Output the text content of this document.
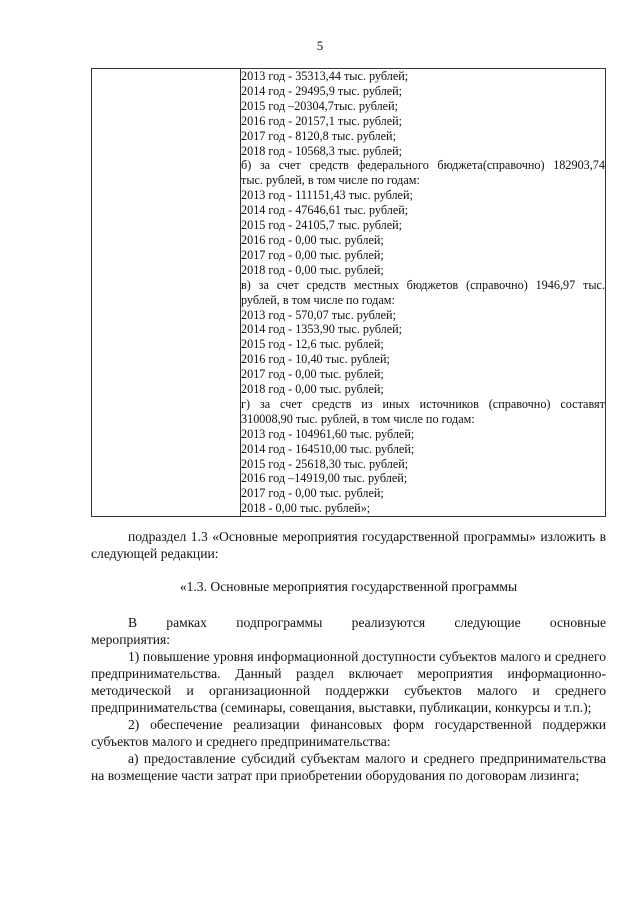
5

2013 год - 35313,44 тыс. рублей;
2014 год - 29495,9 тыс. рублей;
2015 год –20304,7тыс. рублей;
2016 год - 20157,1 тыс. рублей;
2017 год - 8120,8 тыс. рублей;
2018 год - 10568,3 тыс. рублей;
б) за счет средств федерального бюджета(справочно) 182903,74
тыс. рублей, в том числе по годам:
2013 год - 111151,43 тыс. рублей;
2014 год - 47646,61 тыс. рублей;
2015 год - 24105,7 тыс. рублей;
2016 год - 0,00 тыс. рублей;
2017 год - 0,00 тыс. рублей;
2018 год - 0,00 тыс. рублей;
в) за счет средств местных бюджетов (справочно) 1946,97 тыс.
рублей, в том числе по годам:
2013 год - 570,07 тыс. рублей;
2014 год - 1353,90 тыс. рублей;
2015 год - 12,6 тыс. рублей;
2016 год - 10,40 тыс. рублей;
2017 год - 0,00 тыс. рублей;
2018 год - 0,00 тыс. рублей;
г) за счет средств из иных источников (справочно) составят
310008,90 тыс. рублей, в том числе по годам:
2013 год - 104961,60 тыс. рублей;
2014 год - 164510,00 тыс. рублей;
2015 год - 25618,30 тыс. рублей;
2016 год –14919,00 тыс. рублей;
2017 год - 0,00 тыс. рублей;
2018 - 0,00 тыс. рублей»;
подраздел 1.3 «Основные мероприятия государственной программы» изложить в следующей редакции:
«1.3. Основные мероприятия государственной программы
В рамках подпрограммы реализуются следующие основные
мероприятия:
1) повышение уровня информационной доступности субъектов малого и среднего предпринимательства. Данный раздел включает мероприятия информационно-методической и организационной поддержки субъектов малого и среднего предпринимательства (семинары, совещания, выставки, публикации, конкурсы и т.п.);
2) обеспечение реализации финансовых форм государственной поддержки субъектов малого и среднего предпринимательства:
а) предоставление субсидий субъектам малого и среднего предпринимательства на возмещение части затрат при приобретении оборудования по договорам лизинга;
